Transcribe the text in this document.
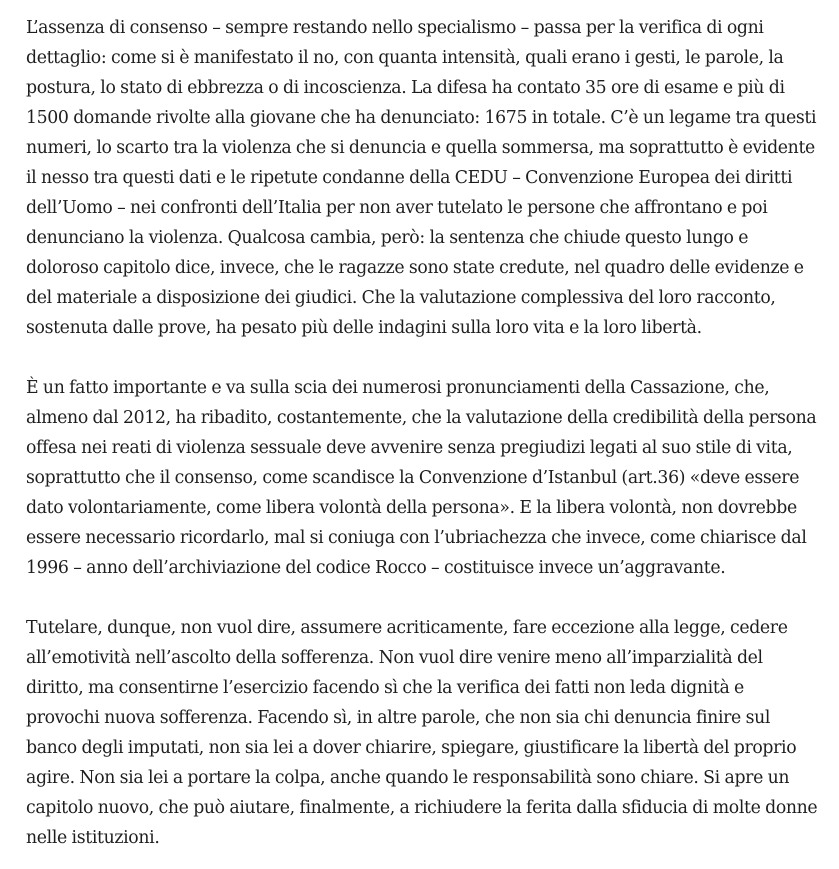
L’assenza di consenso – sempre restando nello specialismo – passa per la verifica di ogni dettaglio: come si è manifestato il no, con quanta intensità, quali erano i gesti, le parole, la postura, lo stato di ebbrezza o di incoscienza. La difesa ha contato 35 ore di esame e più di 1500 domande rivolte alla giovane che ha denunciato: 1675 in totale. C’è un legame tra questi numeri, lo scarto tra la violenza che si denuncia e quella sommersa, ma soprattutto è evidente il nesso tra questi dati e le ripetute condanne della CEDU – Convenzione Europea dei diritti dell’Uomo – nei confronti dell’Italia per non aver tutelato le persone che affrontano e poi denunciano la violenza. Qualcosa cambia, però: la sentenza che chiude questo lungo e doloroso capitolo dice, invece, che le ragazze sono state credute, nel quadro delle evidenze e del materiale a disposizione dei giudici. Che la valutazione complessiva del loro racconto, sostenuta dalle prove, ha pesato più delle indagini sulla loro vita e la loro libertà.

È un fatto importante e va sulla scia dei numerosi pronunciamenti della Cassazione, che, almeno dal 2012, ha ribadito, costantemente, che la valutazione della credibilità della persona offesa nei reati di violenza sessuale deve avvenire senza pregiudizi legati al suo stile di vita, soprattutto che il consenso, come scandisce la Convenzione d’Istanbul (art.36) «deve essere dato volontariamente, come libera volontà della persona». E la libera volontà, non dovrebbe essere necessario ricordarlo, mal si coniuga con l’ubriachezza che invece, come chiarisce dal 1996 – anno dell’archiviazione del codice Rocco – costituisce invece un’aggravante.

Tutelare, dunque, non vuol dire, assumere acriticamente, fare eccezione alla legge, cedere all’emotività nell’ascolto della sofferenza. Non vuol dire venire meno all’imparzialità del diritto, ma consentirne l’esercizio facendo sì che la verifica dei fatti non leda dignità e provochi nuova sofferenza. Facendo sì, in altre parole, che non sia chi denuncia finire sul banco degli imputati, non sia lei a dover chiarire, spiegare, giustificare la libertà del proprio agire. Non sia lei a portare la colpa, anche quando le responsabilità sono chiare. Si apre un capitolo nuovo, che può aiutare, finalmente, a richiudere la ferita dalla sfiducia di molte donne nelle istituzioni.
